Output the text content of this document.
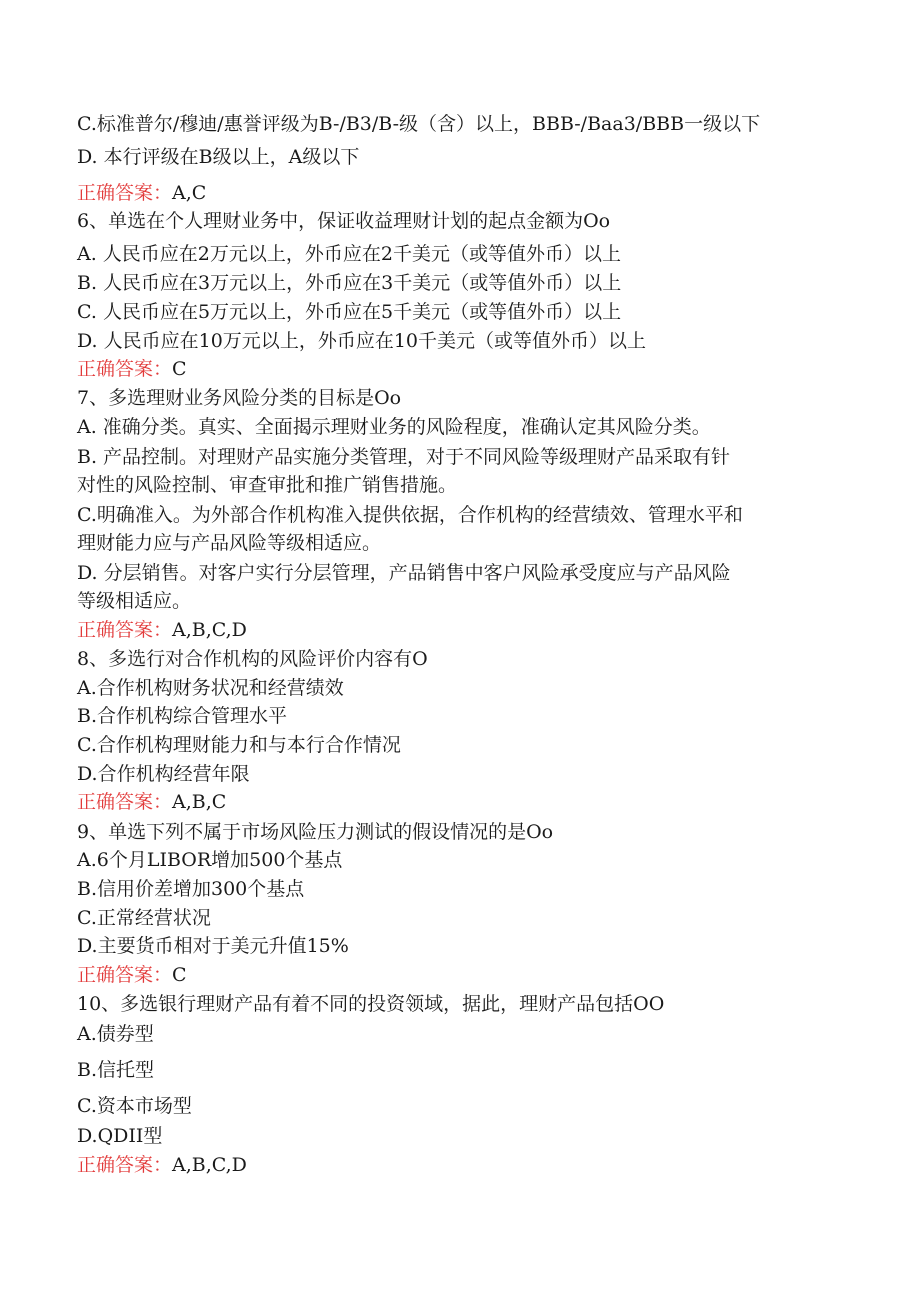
C.标准普尔/穆迪/惠誉评级为B-/B3/B-级（含）以上，BBB-/Baa3/BBB一级以下
D. 本行评级在B级以上，A级以下
正确答案：A,C
6、单选在个人理财业务中，保证收益理财计划的起点金额为Oo
A. 人民币应在2万元以上，外币应在2千美元（或等值外币）以上
B. 人民币应在3万元以上，外币应在3千美元（或等值外币）以上
C. 人民币应在5万元以上，外币应在5千美元（或等值外币）以上
D. 人民币应在10万元以上，外币应在10千美元（或等值外币）以上
正确答案：C
7、多选理财业务风险分类的目标是Oo
A. 准确分类。真实、全面揭示理财业务的风险程度，准确认定其风险分类。
B. 产品控制。对理财产品实施分类管理，对于不同风险等级理财产品采取有针
对性的风险控制、审查审批和推广销售措施。
C.明确准入。为外部合作机构准入提供依据，合作机构的经营绩效、管理水平和
理财能力应与产品风险等级相适应。
D. 分层销售。对客户实行分层管理，产品销售中客户风险承受度应与产品风险
等级相适应。
正确答案：A,B,C,D
8、多选行对合作机构的风险评价内容有O
A.合作机构财务状况和经营绩效
B.合作机构综合管理水平
C.合作机构理财能力和与本行合作情况
D.合作机构经营年限
正确答案：A,B,C
9、单选下列不属于市场风险压力测试的假设情况的是Oo
A.6个月LIBOR增加500个基点
B.信用价差增加300个基点
C.正常经营状况
D.主要货币相对于美元升值15%
正确答案：C
10、多选银行理财产品有着不同的投资领域，据此，理财产品包括OO
A.债券型
B.信托型
C.资本市场型
D.QDII型
正确答案：A,B,C,D
